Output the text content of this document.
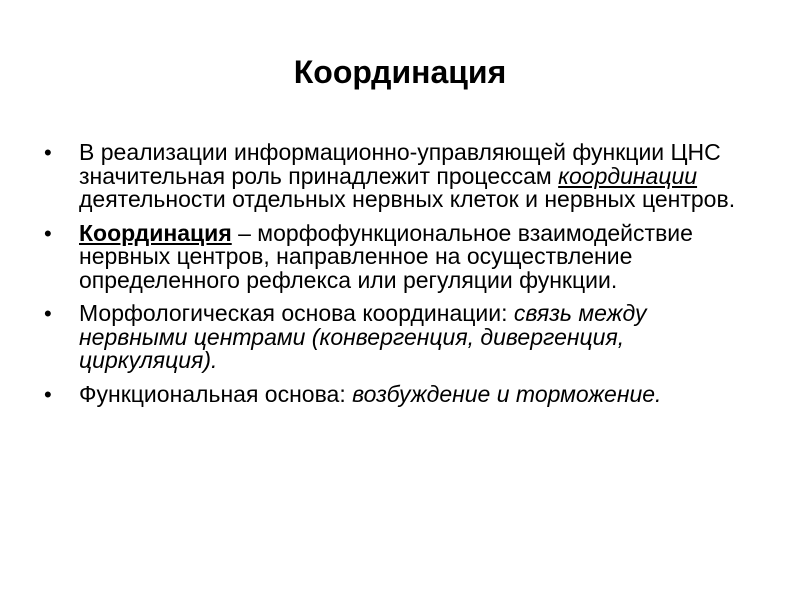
Координация
•	В реализации информационно-управляющей функции ЦНС значительная роль принадлежит процессам координации деятельности отдельных нервных клеток и нервных центров.
•	Координация – морфофункциональное взаимодействие нервных центров, направленное на осуществление определенного рефлекса или регуляции функции.
•	Морфологическая основа координации: связь между нервными центрами (конвергенция, дивергенция, циркуляция).
•	Функциональная основа: возбуждение и торможение.
